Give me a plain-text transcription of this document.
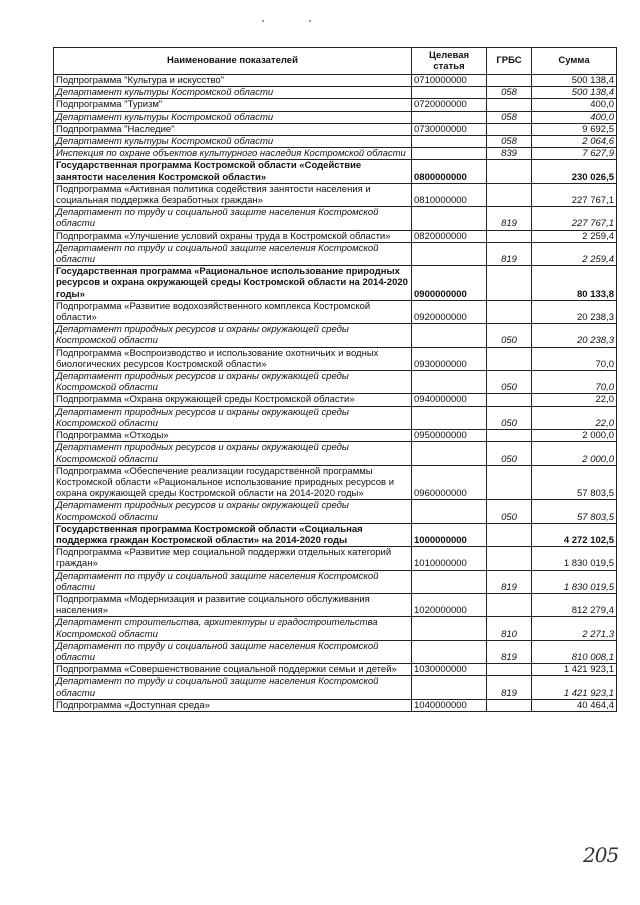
Наименование показателей	Целевая статья	ГРБС	Сумма
Подпрограмма "Культура и искусство"	0710000000		500 138,4
Департамент культуры Костромской области		058	500 138,4
Подпрограмма "Туризм"	0720000000		400,0
Департамент культуры Костромской области		058	400,0
Подпрограмма "Наследие"	0730000000		9 692,5
Департамент культуры Костромской области		058	2 064,6
Инспекция по охране объектов культурного наследия Костромской области		839	7 627,9
Государственная программа Костромской области «Содействие занятости населения Костромской области»	0800000000		230 026,5
Подпрограмма «Активная политика содействия занятости населения и социальная поддержка безработных граждан»	0810000000		227 767,1
Департамент по труду и социальной защите населения Костромской области		819	227 767,1
Подпрограмма «Улучшение условий охраны труда в Костромской области»	0820000000		2 259,4
Департамент по труду и социальной защите населения Костромской области		819	2 259,4
Государственная программа «Рациональное использование природных ресурсов и охрана окружающей среды Костромской области на 2014-2020 годы»	0900000000		80 133,8
Подпрограмма «Развитие водохозяйственного комплекса Костромской области»	0920000000		20 238,3
Департамент природных ресурсов и охраны окружающей среды Костромской области		050	20 238,3
Подпрограмма «Воспроизводство и использование охотничьих и водных биологических ресурсов Костромской области»	0930000000		70,0
Департамент природных ресурсов и охраны окружающей среды Костромской области		050	70,0
Подпрограмма «Охрана окружающей среды Костромской области»	0940000000		22,0
Департамент природных ресурсов и охраны окружающей среды Костромской области		050	22,0
Подпрограмма «Отходы»	0950000000		2 000,0
Департамент природных ресурсов и охраны окружающей среды Костромской области		050	2 000,0
Подпрограмма «Обеспечение реализации государственной программы Костромской области «Рациональное использование природных ресурсов и охрана окружающей среды Костромской области на 2014-2020 годы»	0960000000		57 803,5
Департамент природных ресурсов и охраны окружающей среды Костромской области		050	57 803,5
Государственная программа Костромской области «Социальная поддержка граждан Костромской области» на 2014-2020 годы	1000000000		4 272 102,5
Подпрограмма «Развитие мер социальной поддержки отдельных категорий граждан»	1010000000		1 830 019,5
Департамент по труду и социальной защите населения Костромской области		819	1 830 019,5
Подпрограмма «Модернизация и развитие социального обслуживания населения»	1020000000		812 279,4
Департамент строительства, архитектуры и градостроительства Костромской области		810	2 271,3
Департамент по труду и социальной защите населения Костромской области		819	810 008,1
Подпрограмма «Совершенствование социальной поддержки семьи и детей»	1030000000		1 421 923,1
Департамент по труду и социальной защите населения Костромской области		819	1 421 923,1
Подпрограмма «Доступная среда»	1040000000		40 464,4
205
